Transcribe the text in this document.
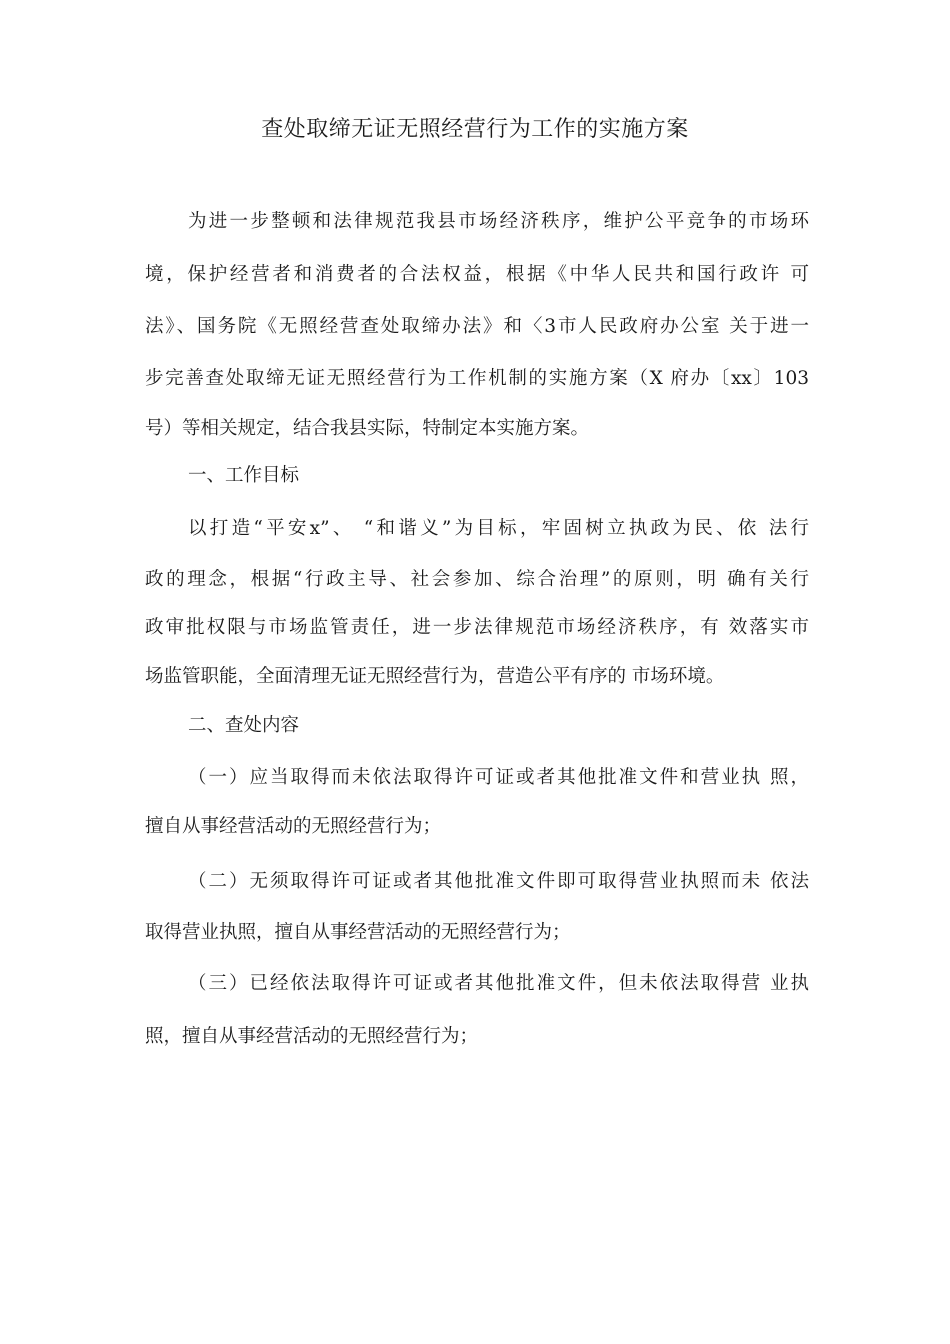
查处取缔无证无照经营行为工作的实施方案
为进一步整顿和法律规范我县市场经济秩序，维护公平竞争的市场环
境，保护经营者和消费者的合法权益，根据《中华人民共和国行政许 可
法》、国务院《无照经营查处取缔办法》和〈3市人民政府办公室 关于进一
步完善查处取缔无证无照经营行为工作机制的实施方案（X 府办〔xx〕103
号）等相关规定，结合我县实际，特制定本实施方案。
一、工作目标
以打造“平安x”、 “和谐义”为目标，牢固树立执政为民、依 法行
政的理念，根据“行政主导、社会参加、综合治理”的原则，明 确有关行
政审批权限与市场监管责任，进一步法律规范市场经济秩序，有 效落实市
场监管职能，全面清理无证无照经营行为，营造公平有序的 市场环境。
二、查处内容
（一）应当取得而未依法取得许可证或者其他批准文件和营业执 照，
擅自从事经营活动的无照经营行为；
（二）无须取得许可证或者其他批准文件即可取得营业执照而未 依法
取得营业执照，擅自从事经营活动的无照经营行为；
（三）已经依法取得许可证或者其他批准文件，但未依法取得营 业执
照，擅自从事经营活动的无照经营行为；
